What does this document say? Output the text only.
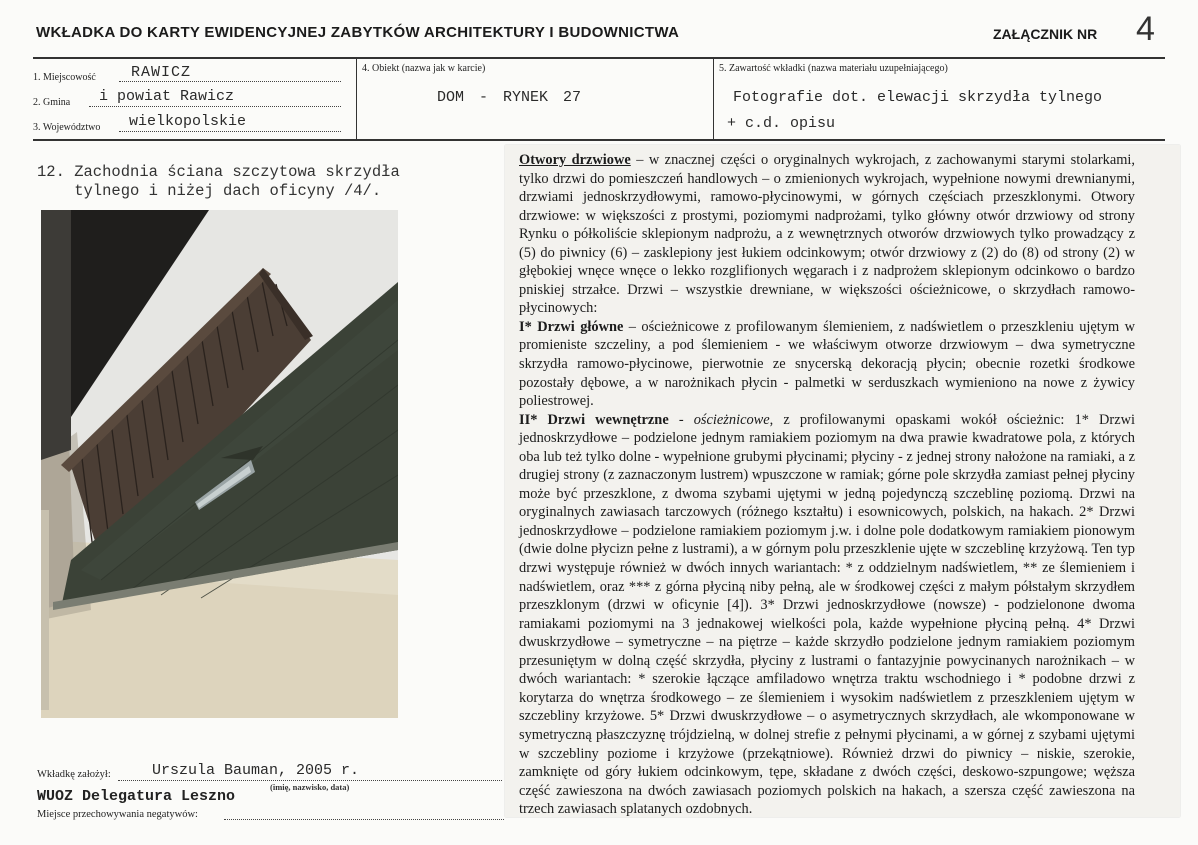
WKŁADKA DO KARTY EWIDENCYJNEJ ZABYTKÓW ARCHITEKTURY I BUDOWNICTWA	ZAŁĄCZNIK NR 4
1. Miejscowość RAWICZ
2. Gmina i powiat Rawicz
3. Województwo wielkopolskie
4. Obiekt (nazwa jak w karcie)
DOM - RYNEK 27
5. Zawartość wkładki (nazwa materiału uzupełniającego)
Fotografie dot. elewacji skrzydła tylnego
+ c.d. opisu
12. Zachodnia ściana szczytowa skrzydła
tylnego i niżej dach oficyny /4/.

Otwory drzwiowe – w znacznej części o oryginalnych wykrojach, z zachowanymi starymi stolarkami, tylko drzwi do pomieszczeń handlowych – o zmienionych wykrojach, wypełnione nowymi drewnianymi, drzwiami jednoskrzydłowymi, ramowo-płycinowymi, w górnych częściach przeszklonymi. Otwory drzwiowe: w większości z prostymi, poziomymi nadprożami, tylko główny otwór drzwiowy od strony Rynku o półkoliście sklepionym nadprożu, a z wewnętrznych otworów drzwiowych tylko prowadzący z (5) do piwnicy (6) – zasklepiony jest łukiem odcinkowym; otwór drzwiowy z (2) do (8) od strony (2) w głębokiej wnęce wnęce o lekko rozglifionych węgarach i z nadprożem sklepionym odcinkowo o bardzo pniskiej strzałce. Drzwi – wszystkie drewniane, w większości ościeżnicowe, o skrzydłach ramowo-płycinowych:

I* Drzwi główne – ościeżnicowe z profilowanym ślemieniem, z nadświetlem o przeszkleniu ujętym w promieniste szczeliny, a pod ślemieniem - we właściwym otworze drzwiowym – dwa symetryczne skrzydła ramowo-płycinowe, pierwotnie ze snycerską dekoracją płycin; obecnie rozetki środkowe pozostały dębowe, a w narożnikach płycin - palmetki w serduszkach wymieniono na nowe z żywicy poliestrowej.

II* Drzwi wewnętrzne - ościeżnicowe, z profilowanymi opaskami wokół ościeżnic: 1* Drzwi jednoskrzydłowe – podzielone jednym ramiakiem poziomym na dwa prawie kwadratowe pola, z których oba lub też tylko dolne - wypełnione grubymi płycinami; płyciny - z jednej strony nałożone na ramiaki, a z drugiej strony (z zaznaczonym lustrem) wpuszczone w ramiak; górne pole skrzydła zamiast pełnej płyciny może być przeszklone, z dwoma szybami ujętymi w jedną pojedynczą szczeblinę poziomą. Drzwi na oryginalnych zawiasach tarczowych (różnego kształtu) i esownicowych, polskich, na hakach. 2* Drzwi jednoskrzydłowe – podzielone ramiakiem poziomym j.w. i dolne pole dodatkowym ramiakiem pionowym (dwie dolne płycizn pełne z lustrami), a w górnym polu przeszklenie ujęte w szczeblinę krzyżową. Ten typ drzwi występuje również w dwóch innych wariantach: * z oddzielnym nadświetlem, ** ze ślemieniem i nadświetlem, oraz *** z górna płyciną niby pełną, ale w środkowej części z małym półstałym skrzydłem przeszklonym (drzwi w oficynie [4]). 3* Drzwi jednoskrzydłowe (nowsze) - podzielonone dwoma ramiakami poziomymi na 3 jednakowej wielkości pola, każde wypełnione płyciną pełną. 4* Drzwi dwuskrzydłowe – symetryczne – na piętrze – każde skrzydło podzielone jednym ramiakiem poziomym przesuniętym w dolną część skrzydła, płyciny z lustrami o fantazyjnie powycinanych narożnikach – w dwóch wariantach: * szerokie łączące amfiladowo wnętrza traktu wschodniego i * podobne drzwi z korytarza do wnętrza środkowego – ze ślemieniem i wysokim nadświetlem z przeszkleniem ujętym w szczebliny krzyżowe. 5* Drzwi dwuskrzydłowe – o asymetrycznych skrzydłach, ale wkomponowane w symetryczną płaszczyznę trójdzielną, w dolnej strefie z pełnymi płycinami, a w górnej z szybami ujętymi w szczebliny poziome i krzyżowe (przekątniowe). Również drzwi do piwnicy – niskie, szerokie, zamknięte od góry łukiem odcinkowym, tępe, składane z dwóch części, deskowo-szpungowe; węższa część zawieszona na dwóch zawiasach poziomych polskich na hakach, a szersza część zawieszona na trzech zawiasach splatanych ozdobnych.

Wkładkę założył:	Urszula Bauman, 2005 r.
(imię, nazwisko, data)
WUOZ Delegatura Leszno
Miejsce przechowywania negatywów:
